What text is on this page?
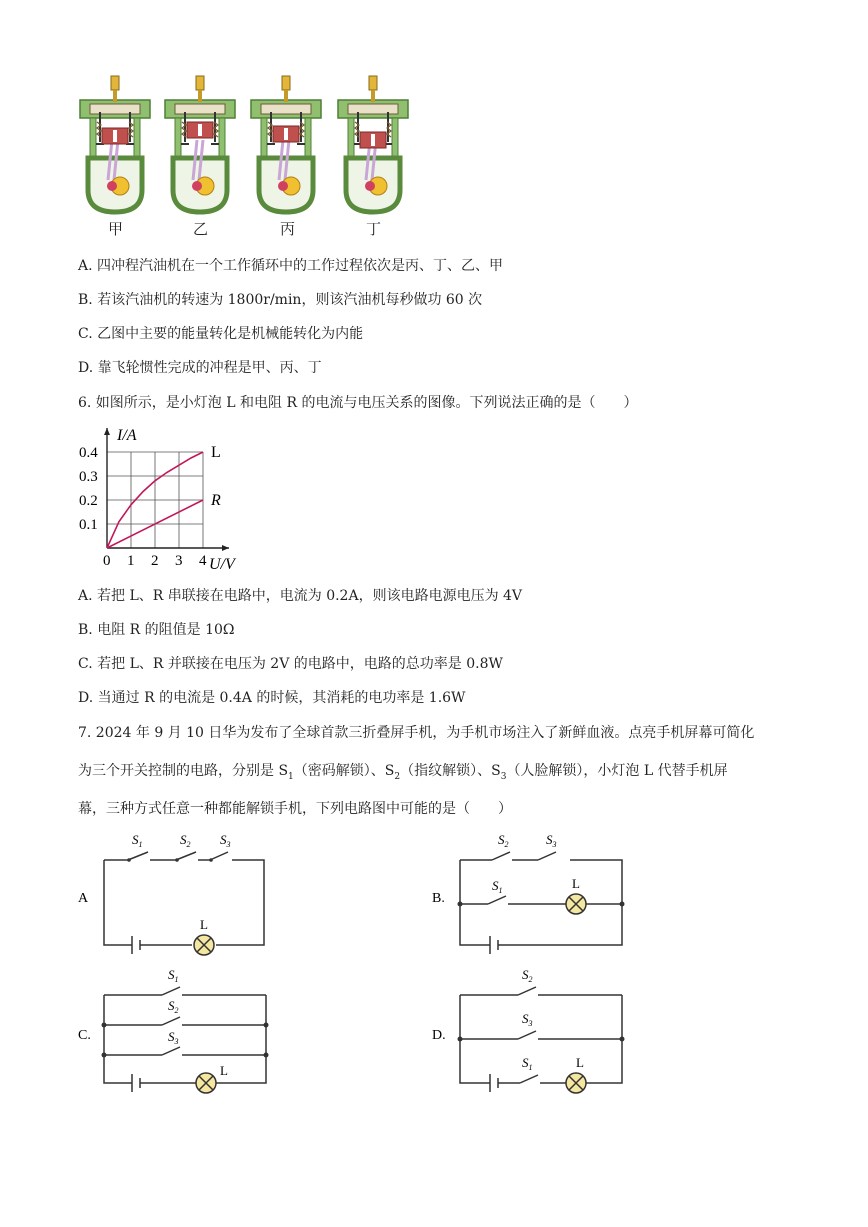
甲	乙	丙	丁
A. 四冲程汽油机在一个工作循环中的工作过程依次是丙、丁、乙、甲
B. 若该汽油机的转速为 1800r/min，则该汽油机每秒做功 60 次
C. 乙图中主要的能量转化是机械能转化为内能
D. 靠飞轮惯性完成的冲程是甲、丙、丁
6. 如图所示，是小灯泡 L 和电阻 R 的电流与电压关系的图像。下列说法正确的是（　　）
0 1 2 3 4
0.1
0.2
0.3
0.4
U/V
I/A
L
R
A. 若把 L、R 串联接在电路中，电流为 0.2A，则该电路电源电压为 4V
B. 电阻 R 的阻值是 10Ω
C. 若把 L、R 并联接在电压为 2V 的电路中，电路的总功率是 0.8W
D. 当通过 R 的电流是 0.4A 的时候，其消耗的电功率是 1.6W
7. 2024 年 9 月 10 日华为发布了全球首款三折叠屏手机，为手机市场注入了新鲜血液。点亮手机屏幕可简化
为三个开关控制的电路，分别是 $S_1$（密码解锁）、$S_2$（指纹解锁）、$S_3$（人脸解锁），小灯泡 L 代替手机屏
幕，三种方式任意一种都能解锁手机，下列电路图中可能的是（　　）
A
$S_1$	$S_2$ $S_3$
L
B.
$S_2$	$S_3$
$S_1$	L
C.
$S_1$
$S_2$
$S_3$
L
D.
$S_2$
$S_3$
$S_1$	L
